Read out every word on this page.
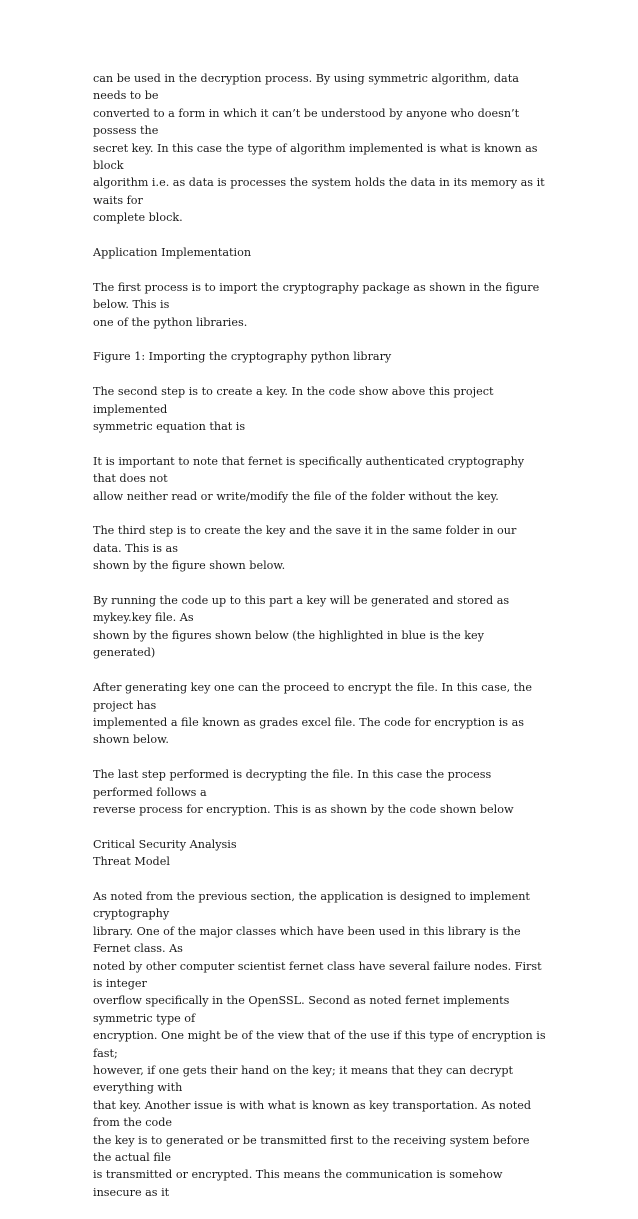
can be used in the decryption process. By using symmetric algorithm, data needs to be
converted to a form in which it can’t be understood by anyone who doesn’t possess the
secret key. In this case the type of algorithm implemented is what is known as block
algorithm i.e. as data is processes the system holds the data in its memory as it waits for
complete block.

Application Implementation

The first process is to import the cryptography package as shown in the figure below. This is
one of the python libraries.

Figure 1: Importing the cryptography python library

The second step is to create a key. In the code show above this project implemented
symmetric equation that is

It is important to note that fernet is specifically authenticated cryptography that does not
allow neither read or write/modify the file of the folder without the key.

The third step is to create the key and the save it in the same folder in our data. This is as
shown by the figure shown below.

By running the code up to this part a key will be generated and stored as mykey.key file. As
shown by the figures shown below (the highlighted in blue is the key generated)

After generating key one can the proceed to encrypt the file. In this case, the project has
implemented a file known as grades excel file. The code for encryption is as shown below.

The last step performed is decrypting the file. In this case the process performed follows a
reverse process for encryption. This is as shown by the code shown below

Critical Security Analysis

Threat Model

As noted from the previous section, the application is designed to implement cryptography
library. One of the major classes which have been used in this library is the Fernet class. As
noted by other computer scientist fernet class have several failure nodes. First is integer
overflow specifically in the OpenSSL. Second as noted fernet implements symmetric type of
encryption. One might be of the view that of the use if this type of encryption is fast;
however, if one gets their hand on the key; it means that they can decrypt everything with
that key. Another issue is with what is known as key transportation. As noted from the code
the key is to generated or be transmitted first to the receiving system before the actual file
is transmitted or encrypted. This means the communication is somehow insecure as it
